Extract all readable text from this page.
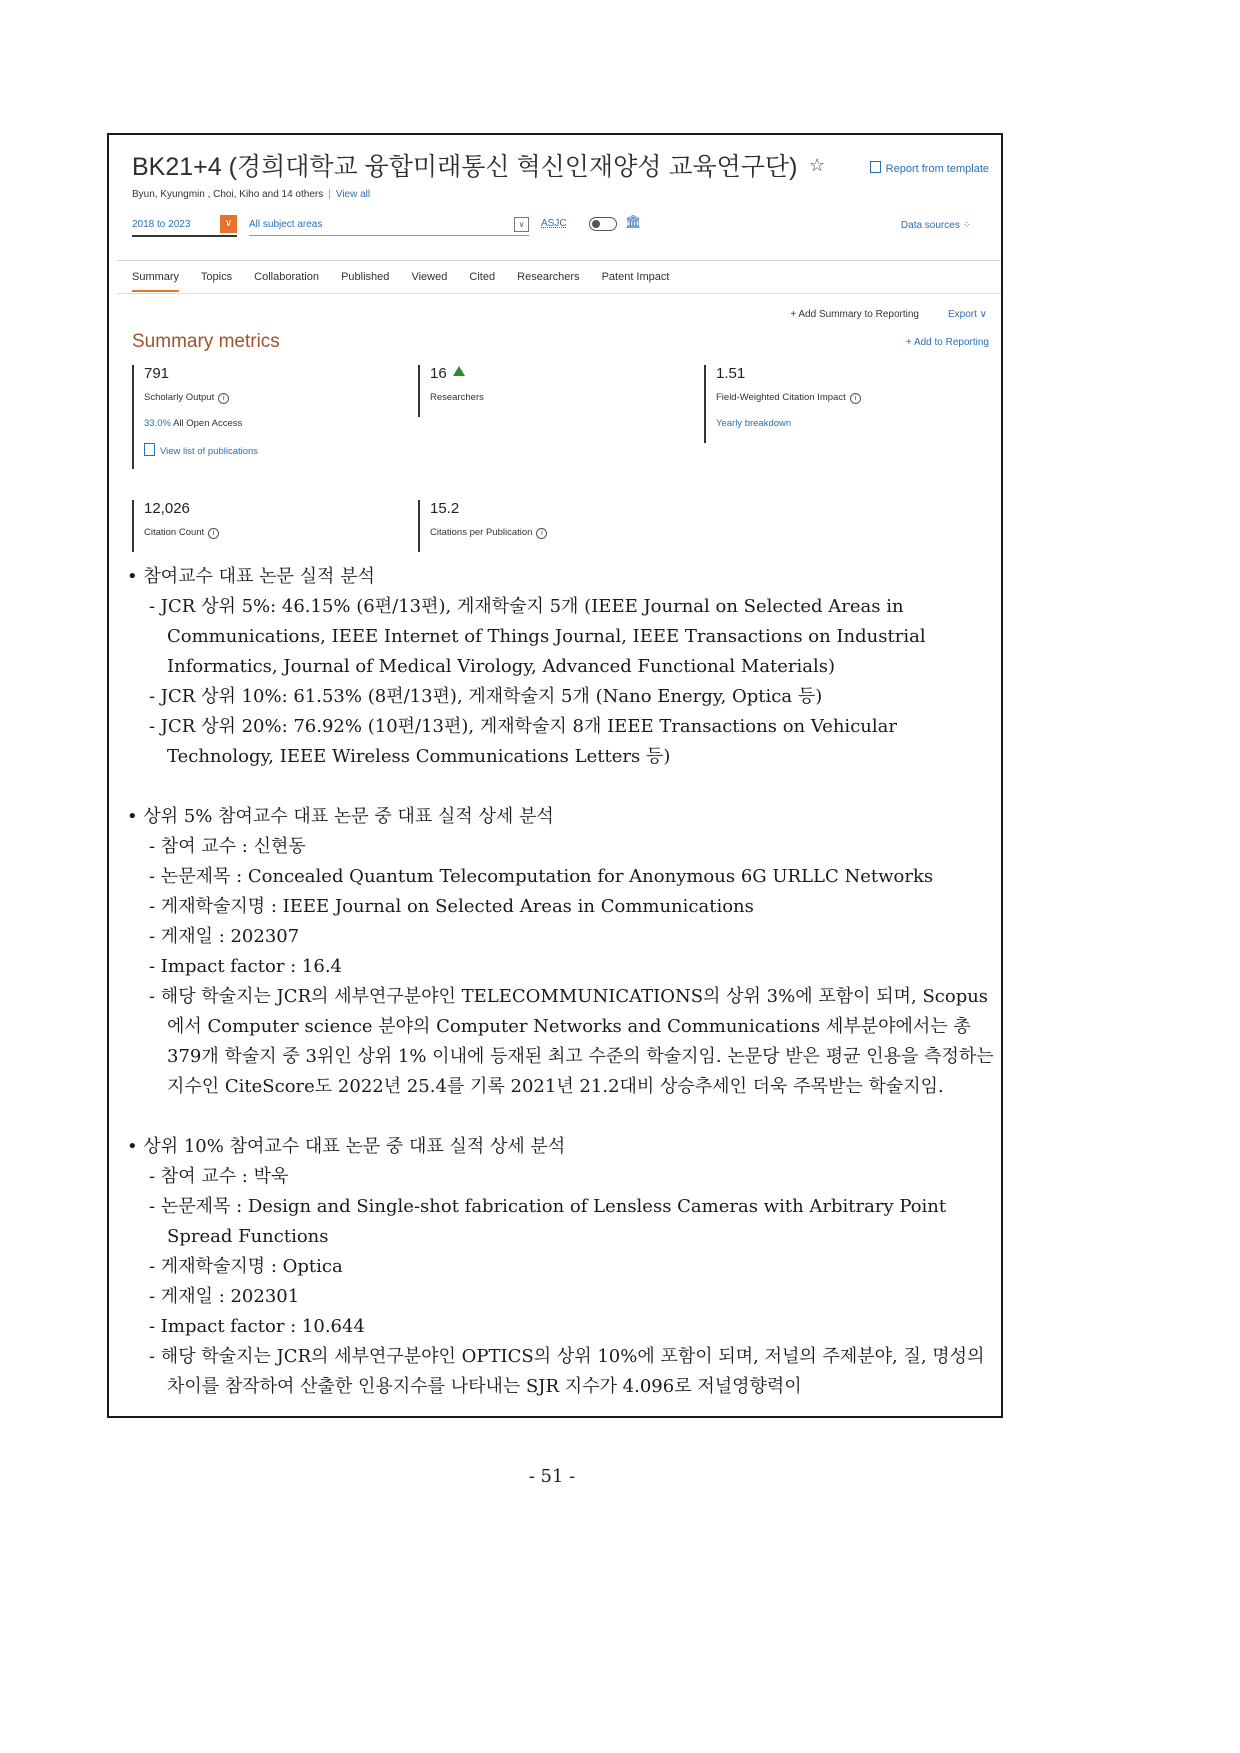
BK21+4 (경희대학교 융합미래통신 혁신인재양성 교육연구단) ☆	Report from template
Byun, Kyungmin , Choi, Kiho and 14 others | View all
2018 to 2023	∨	All subject areas	∨	ASJC	🏛	Data sources ⁘
Summary Topics Collaboration Published Viewed Cited Researchers Patent Impact
+ Add Summary to Reporting	Export ∨
Summary metrics	+ Add to Reporting
791
Scholarly Output i
33.0% All Open Access
View list of publications
16
Researchers
1.51
Field-Weighted Citation Impact i
Yearly breakdown
12,026
Citation Count i
15.2
Citations per Publication i

• 참여교수 대표 논문 실적 분석

- JCR 상위 5%: 46.15% (6편/13편), 게재학술지 5개 (IEEE Journal on Selected Areas in Communications, IEEE Internet of Things Journal, IEEE Transactions on Industrial Informatics, Journal of Medical Virology, Advanced Functional Materials)

- JCR 상위 10%: 61.53% (8편/13편), 게재학술지 5개 (Nano Energy, Optica 등)

- JCR 상위 20%: 76.92% (10편/13편), 게재학술지 8개 IEEE Transactions on Vehicular Technology, IEEE Wireless Communications Letters 등)

• 상위 5% 참여교수 대표 논문 중 대표 실적 상세 분석

- 참여 교수 : 신현동

- 논문제목 : Concealed Quantum Telecomputation for Anonymous 6G URLLC Networks

- 게재학술지명 : IEEE Journal on Selected Areas in Communications

- 게재일 : 202307

- Impact factor : 16.4

- 해당 학술지는 JCR의 세부연구분야인 TELECOMMUNICATIONS의 상위 3%에 포함이 되며, Scopus에서 Computer science 분야의 Computer Networks and Communications 세부분야에서는 총 379개 학술지 중 3위인 상위 1% 이내에 등재된 최고 수준의 학술지임. 논문당 받은 평균 인용을 측정하는 지수인 CiteScore도 2022년 25.4를 기록 2021년 21.2대비 상승추세인 더욱 주목받는 학술지임.

• 상위 10% 참여교수 대표 논문 중 대표 실적 상세 분석

- 참여 교수 : 박욱

- 논문제목 : Design and Single-shot fabrication of Lensless Cameras with Arbitrary Point Spread Functions

- 게재학술지명 : Optica

- 게재일 : 202301

- Impact factor : 10.644

- 해당 학술지는 JCR의 세부연구분야인 OPTICS의 상위 10%에 포함이 되며, 저널의 주제분야, 질, 명성의 차이를 참작하여 산출한 인용지수를 나타내는 SJR 지수가 4.096로 저널영향력이

- 51 -
